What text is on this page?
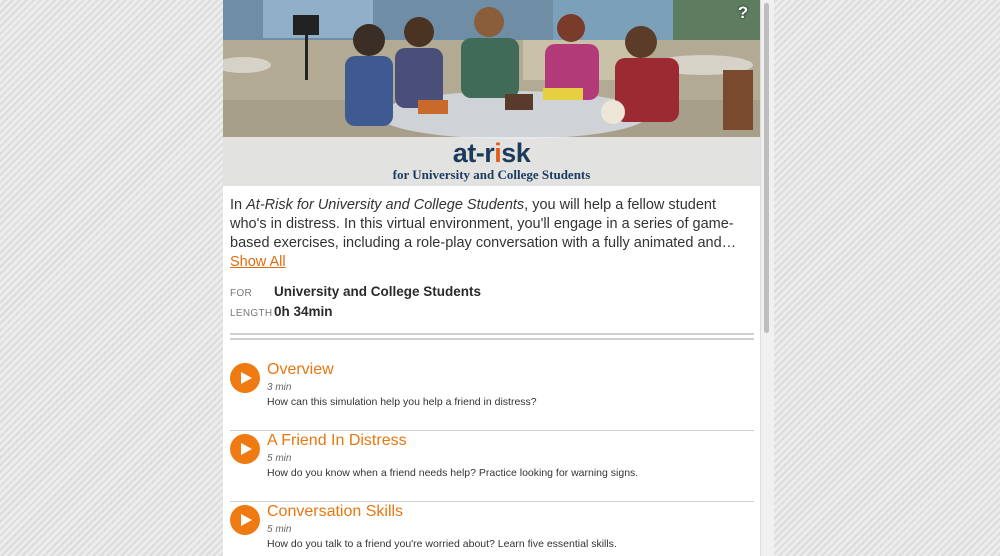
?
at-risk
for University and College Students

In At-Risk for University and College Students, you will help a fellow student who's in distress. In this virtual environment, you'll engage in a series of game-based exercises, including a role-play conversation with a fully animated and… Show All

FOR	University and College Students
LENGTH 0h 34min
Overview
3 min
How can this simulation help you help a friend in distress?
A Friend In Distress
5 min
How do you know when a friend needs help? Practice looking for warning signs.
Conversation Skills
5 min
How do you talk to a friend you're worried about? Learn five essential skills.
